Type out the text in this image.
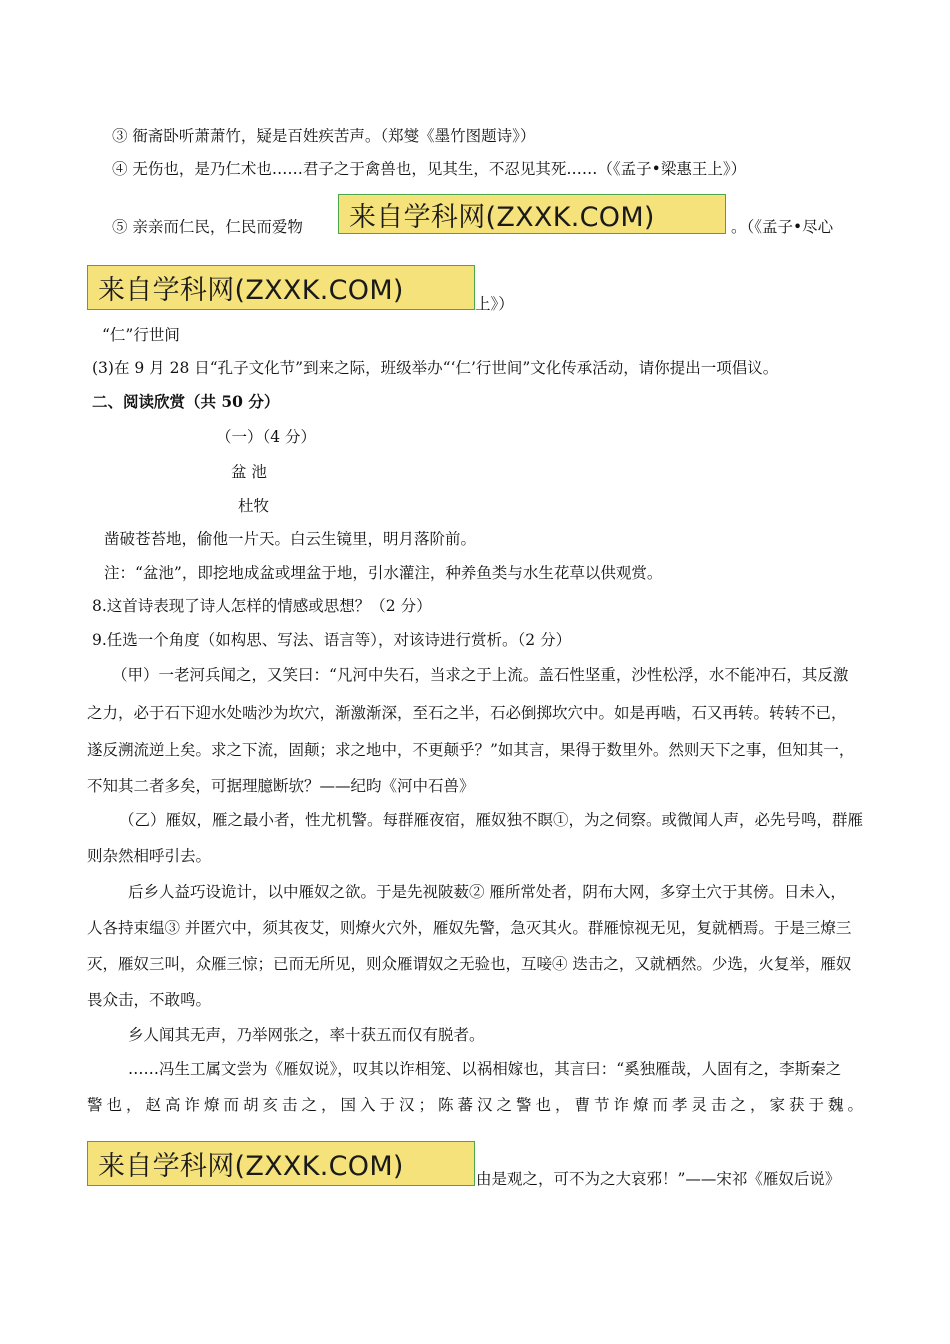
③ 衙斋卧听萧萧竹，疑是百姓疾苦声。（郑燮《墨竹图题诗》）
④ 无伤也，是乃仁术也……君子之于禽兽也，见其生，不忍见其死……（《孟子•梁惠王上》）
⑤ 亲亲而仁民，仁民而爱物	来自学科网(ZXXK.COM)	。（《孟子•尽心
来自学科网(ZXXK.COM)	上》）
“仁”行世间
(3)在 9 月 28 日“孔子文化节”到来之际，班级举办“‘仁’行世间”文化传承活动，请你提出一项倡议。
二、阅读欣赏（共 50 分）
（一）（4 分）
盆 池
杜牧
凿破苍苔地，偷他一片天。白云生镜里，明月落阶前。
注：“盆池”，即挖地成盆或埋盆于地，引水灌注，种养鱼类与水生花草以供观赏。
8.这首诗表现了诗人怎样的情感或思想？（2 分）
9.任选一个角度（如构思、写法、语言等），对该诗进行赏析。（2 分）
（甲）一老河兵闻之，又笑曰：“凡河中失石，当求之于上流。盖石性坚重，沙性松浮，水不能冲石，其反激
之力，必于石下迎水处啮沙为坎穴，渐激渐深，至石之半，石必倒掷坎穴中。如是再啮，石又再转。转转不已，
遂反溯流逆上矣。求之下流，固颠；求之地中，不更颠乎？”如其言，果得于数里外。然则天下之事，但知其一，
不知其二者多矣，可据理臆断欤？——纪昀《河中石兽》
（乙）雁奴，雁之最小者，性尤机警。每群雁夜宿，雁奴独不瞑①，为之伺察。或微闻人声，必先号鸣，群雁
则杂然相呼引去。
后乡人益巧设诡计，以中雁奴之欲。于是先视陂薮② 雁所常处者，阴布大网，多穿土穴于其傍。日未入，
人各持束缊③ 并匿穴中，须其夜艾，则燎火穴外，雁奴先警，急灭其火。群雁惊视无见，复就栖焉。于是三燎三
灭，雁奴三叫，众雁三惊；已而无所见，则众雁谓奴之无验也，互唼④ 迭击之，又就栖然。少选，火复举，雁奴
畏众击，不敢鸣。
乡人闻其无声，乃举网张之，率十获五而仅有脱者。
……冯生工属文尝为《雁奴说》，叹其以诈相笼、以祸相嫁也，其言曰：“奚独雁哉，人固有之，李斯秦之
警也，赵高诈燎而胡亥击之，国入于汉；陈蕃汉之警也，曹节诈燎而孝灵击之，家获于魏。
来自学科网(ZXXK.COM)	由是观之，可不为之大哀邪！”——宋祁《雁奴后说》
